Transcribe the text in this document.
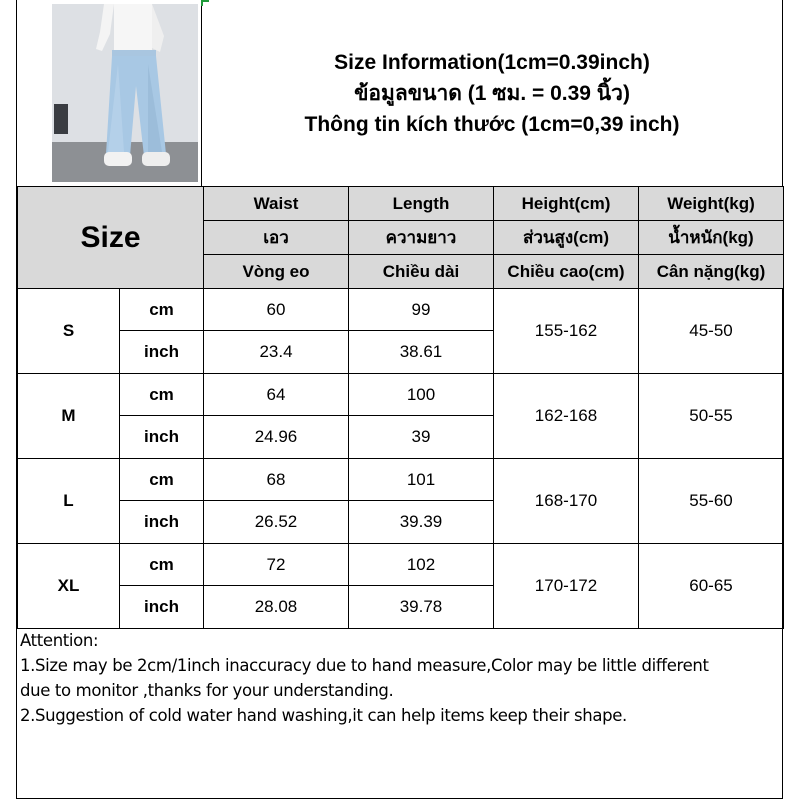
Size Information(1cm=0.39inch)
ข้อมูลขนาด (1 ซม. = 0.39 นิ้ว)
Thông tin kích thước (1cm=0,39 inch)
Size		Waist	Length	Height(cm)	Weight(kg)
		เอว	ความยาว	ส่วนสูง(cm)	น้ำหนัก(kg)
		Vòng eo	Chiều dài	Chiều cao(cm)	Cân nặng(kg)
S	cm	60	99	155-162	45-50
	inch	23.4	38.61		
M	cm	64	100	162-168	50-55
	inch	24.96	39		
L	cm	68	101	168-170	55-60
	inch	26.52	39.39		
XL	cm	72	102	170-172	60-65
	inch	28.08	39.78		
Attention:
1.Size may be 2cm/1inch inaccuracy due to hand measure,Color may be little different
due to monitor ,thanks for your understanding.
2.Suggestion of cold water hand washing,it can help items keep their shape.
